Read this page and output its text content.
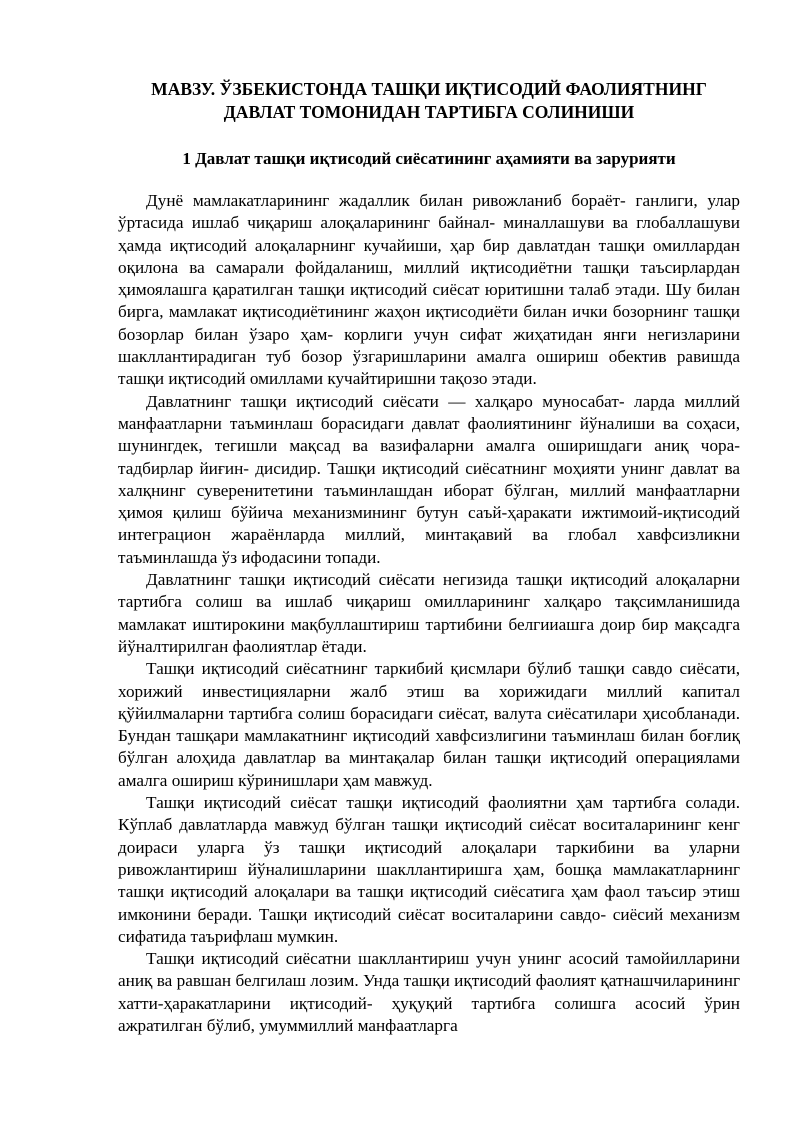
МАВЗУ. ЎЗБЕКИСТОНДА ТАШҚИ ИҚТИСОДИЙ ФАОЛИЯТНИНГ
ДАВЛАТ ТОМОНИДАН ТАРТИБГА СОЛИНИШИ
1 Давлат ташқи иқтисодий сиёсатининг аҳамияти ва зарурияти

Дунё мамлакатларининг жадаллик билан ривожланиб бораёт- ганлиги, улар ўртасида ишлаб чиқариш алоқаларининг байнал- миналлашуви ва глобаллашуви ҳамда иқтисодий алоқаларнинг кучайиши, ҳар бир давлатдан ташқи омиллардан оқилона ва самарали фойдаланиш, миллий иқтисодиётни ташқи таъсирлардан ҳимоялашга қаратилган ташқи иқтисодий сиёсат юритишни талаб этади. Шу билан бирга, мамлакат иқтисодиётининг жаҳон иқтисодиёти билан ички бозорнинг ташқи бозорлар билан ўзаро ҳам- корлиги учун сифат жиҳатидан янги негизларини шакллантирадиган туб бозор ўзгаришларини амалга ошириш обектив равишда ташқи иқтисодий омиллами кучайтиришни тақозо этади.

Давлатнинг ташқи иқтисодий сиёсати — халқаро муносабат- ларда миллий манфаатларни таъминлаш борасидаги давлат фаолиятининг йўналиши ва соҳаси, шунингдек, тегишли мақсад ва вазифаларни амалга оширишдаги аниқ чора-тадбирлар йиғин- дисидир. Ташқи иқтисодий сиёсатнинг моҳияти унинг давлат ва халқнинг суверенитетини таъминлашдан иборат бўлган, миллий манфаатларни ҳимоя қилиш бўйича механизмининг бутун саъй-ҳаракати ижтимоий-иқтисодий интеграцион жараёнларда миллий, минтақавий ва глобал хавфсизликни таъминлашда ўз ифодасини топади.

Давлатнинг ташқи иқтисодий сиёсати негизида ташқи иқтисодий алоқаларни тартибга солиш ва ишлаб чиқариш омилларининг халқаро тақсимланишида мамлакат иштирокини мақбуллаштириш тартибини белгииашга доир бир мақсадга йўналтирилган фаолиятлар ётади.

Ташқи иқтисодий сиёсатнинг таркибий қисмлари бўлиб ташқи савдо сиёсати, хорижий инвестицияларни жалб этиш ва хорижидаги миллий капитал қўйилмаларни тартибга солиш борасидаги сиёсат, валута сиёсатилари ҳисобланади. Бундан ташқари мамлакатнинг иқтисодий хавфсизлигини таъминлаш билан боғлиқ бўлган алоҳида давлатлар ва минтақалар билан ташқи иқтисодий операциялами амалга ошириш кўринишлари ҳам мавжуд.

Ташқи иқтисодий сиёсат ташқи иқтисодий фаолиятни ҳам тартибга солади. Кўплаб давлатларда мавжуд бўлган ташқи иқтисодий сиёсат воситаларининг кенг доираси уларга ўз ташқи иқтисодий алоқалари таркибини ва уларни ривожлантириш йўналишларини шакллантиришга ҳам, бошқа мамлакатларнинг ташқи иқтисодий алоқалари ва ташқи иқтисодий сиёсатига ҳам фаол таъсир этиш имконини беради. Ташқи иқтисодий сиёсат воситаларини савдо- сиёсий механизм сифатида таърифлаш мумкин.

Ташқи иқтисодий сиёсатни шакллантириш учун унинг асосий тамойилларини аниқ ва равшан белгилаш лозим. Унда ташқи иқтисодий фаолият қатнашчиларининг хатти-ҳаракатларини иқтисодий- ҳуқуқий тартибга солишга асосий ўрин ажратилган бўлиб, умуммиллий манфаатларга
